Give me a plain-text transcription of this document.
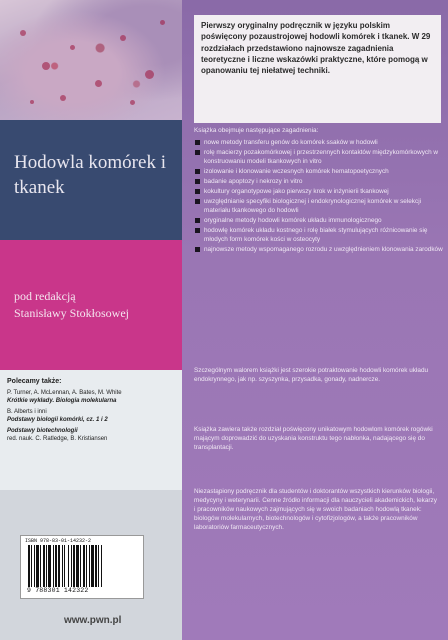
Hodowla komórek i tkanek
pod redakcją
Stanisławy Stokłosowej
Polecamy także:
P. Turner, A. McLennan, A. Bates, M. White
Krótkie wykłady. Biologia molekularna
B. Alberts i inni
Podstawy biologii komórki, cz. 1 i 2
Podstawy biotechnologii
red. nauk. C. Ratledge, B. Kristiansen
ISBN 978-83-01-14232-2
9 788301 142322
www.pwn.pl
Pierwszy oryginalny podręcznik w języku polskim poświęcony pozaustrojowej hodowli komórek i tkanek. W 29 rozdziałach przedstawiono najnowsze zagadnienia teoretyczne i liczne wskazówki praktyczne, które pomogą w opanowaniu tej niełatwej techniki.
Książka obejmuje następujące zagadnienia:
nowe metody transferu genów do komórek ssaków w hodowli
rolę macierzy pozakomórkowej i przestrzennych kontaktów międzykomórkowych w konstruowaniu modeli tkankowych in vitro
izolowanie i klonowanie wczesnych komórek hematopoetycznych
badanie apoptozy i nekrozy in vitro
kokultury organotypowe jako pierwszy krok w inżynierii tkankowej
uwzględnianie specyfiki biologicznej i endokrynologicznej komórek w selekcji materiału tkankowego do hodowli
oryginalne metody hodowli komórek układu immunologicznego
hodowlę komórek układu kostnego i rolę białek stymulujących różnicowanie się młodych form komórek kości w osteocyty
najnowsze metody wspomaganego rozrodu z uwzględnieniem klonowania zarodków
Szczególnym walorem książki jest szerokie potraktowanie hodowli komórek układu endokrynnego, jak np. szyszynka, przysadka, gonady, nadnercze.
Książka zawiera także rozdział poświęcony unikatowym hodowlom komórek rogówki mającym doprowadzić do uzyskania konstruktu tego nabłonka, nadającego się do transplantacji.
Niezastąpiony podręcznik dla studentów i doktorantów wszystkich kierunków biologii, medycyny i weterynarii. Cenne źródło informacji dla nauczycieli akademickich, lekarzy i pracowników naukowych zajmujących się w swoich badaniach hodowlą tkanek: biologów molekularnych, biotechnologów i cytofizjologów, a także pracowników laboratoriów farmaceutycznych.
